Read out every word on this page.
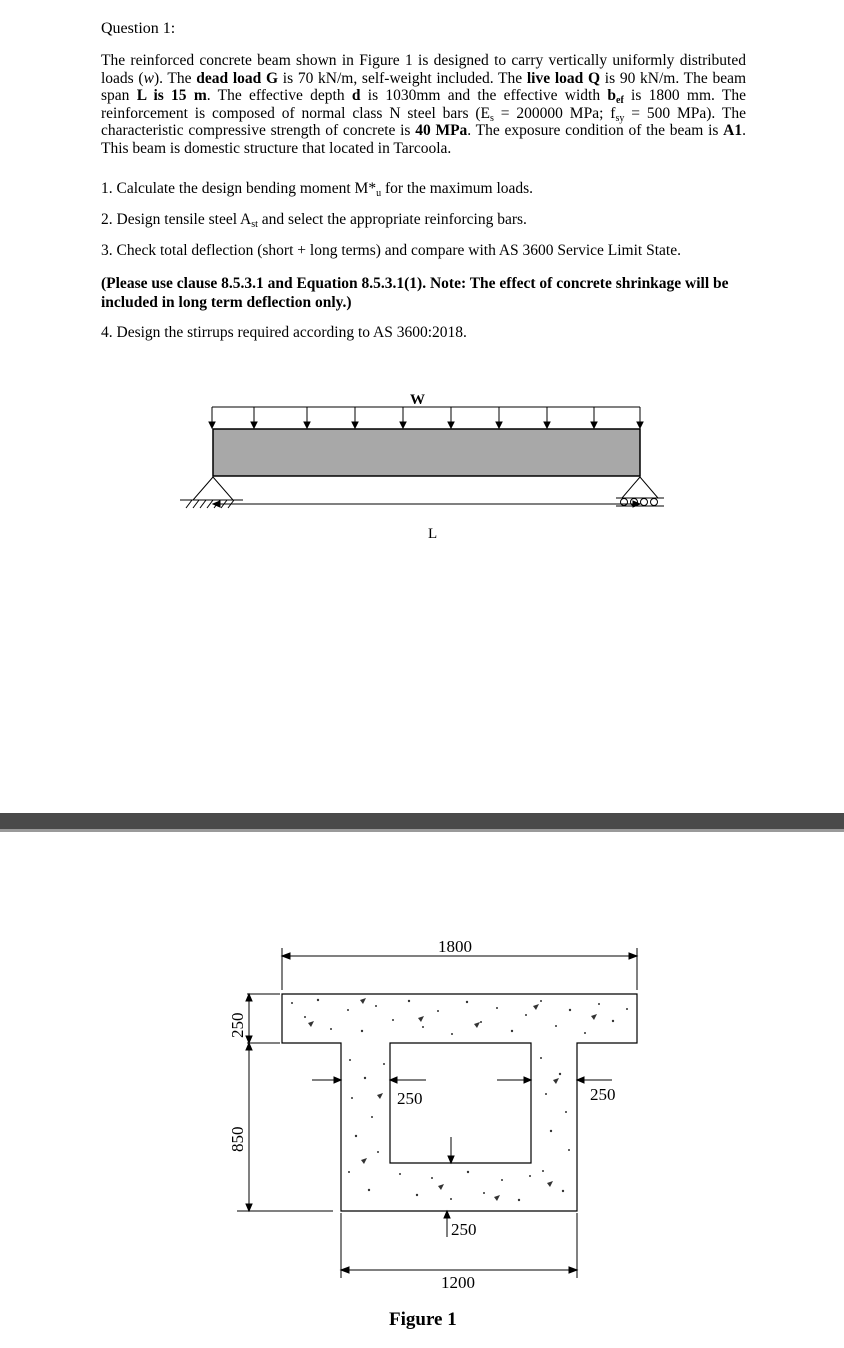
Question 1:
The reinforced concrete beam shown in Figure 1 is designed to carry vertically uniformly distributed loads (w). The dead load G is 70 kN/m, self-weight included. The live load Q is 90 kN/m. The beam span L is 15 m. The effective depth d is 1030mm and the effective width $b_{ef}$ is 1800 mm. The reinforcement is composed of normal class N steel bars ($E_s = 200000$ MPa; $f_{sy} = 500$ MPa). The characteristic compressive strength of concrete is 40 MPa. The exposure condition of the beam is A1. This beam is domestic structure that located in Tarcoola.
1. Calculate the design bending moment $M*_u$ for the maximum loads.
2. Design tensile steel $A_{st}$ and select the appropriate reinforcing bars.
3. Check total deflection (short + long terms) and compare with AS 3600 Service Limit State.
(Please use clause 8.5.3.1 and Equation 8.5.3.1(1). Note: The effect of concrete shrinkage will be included in long term deflection only.)
4. Design the stirrups required according to AS 3600:2018.
W
L
1800
250
850
250	250
250
1200
Figure 1
